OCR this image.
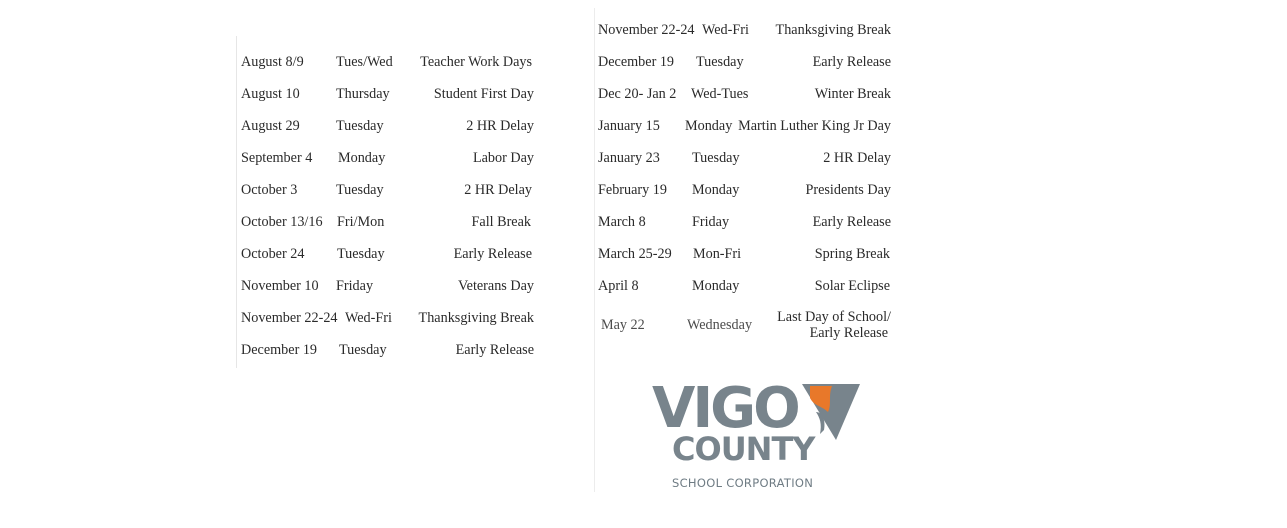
August 8/9 Tues/Wed Teacher Work Days
August 10	Thursday	Student First Day
August 29	Tuesday	2 HR Delay
September 4 Monday	Labor Day
October 3	Tuesday	2 HR Delay
October 13/16 Fri/Mon	Fall Break
October 24 Tuesday	Early Release
November 10 Friday	Veterans Day
November 22-24 Wed-Fri Thanksgiving Break
December 19 Tuesday	Early Release
November 22-24 Wed-Fri Thanksgiving Break
December 19 Tuesday	Early Release
Dec 20- Jan 2 Wed-Tues	Winter Break
January 15 Monday Martin Luther King Jr Day
January 23 Tuesday	2 HR Delay
February 19 Monday	Presidents Day
March 8	Friday	Early Release
March 25-29 Mon-Fri	Spring Break
April 8	Monday	Solar Eclipse
May 22	Wednesday Last Day of School/
Early Release
VIGO
COUNTY
SCHOOL CORPORATION
